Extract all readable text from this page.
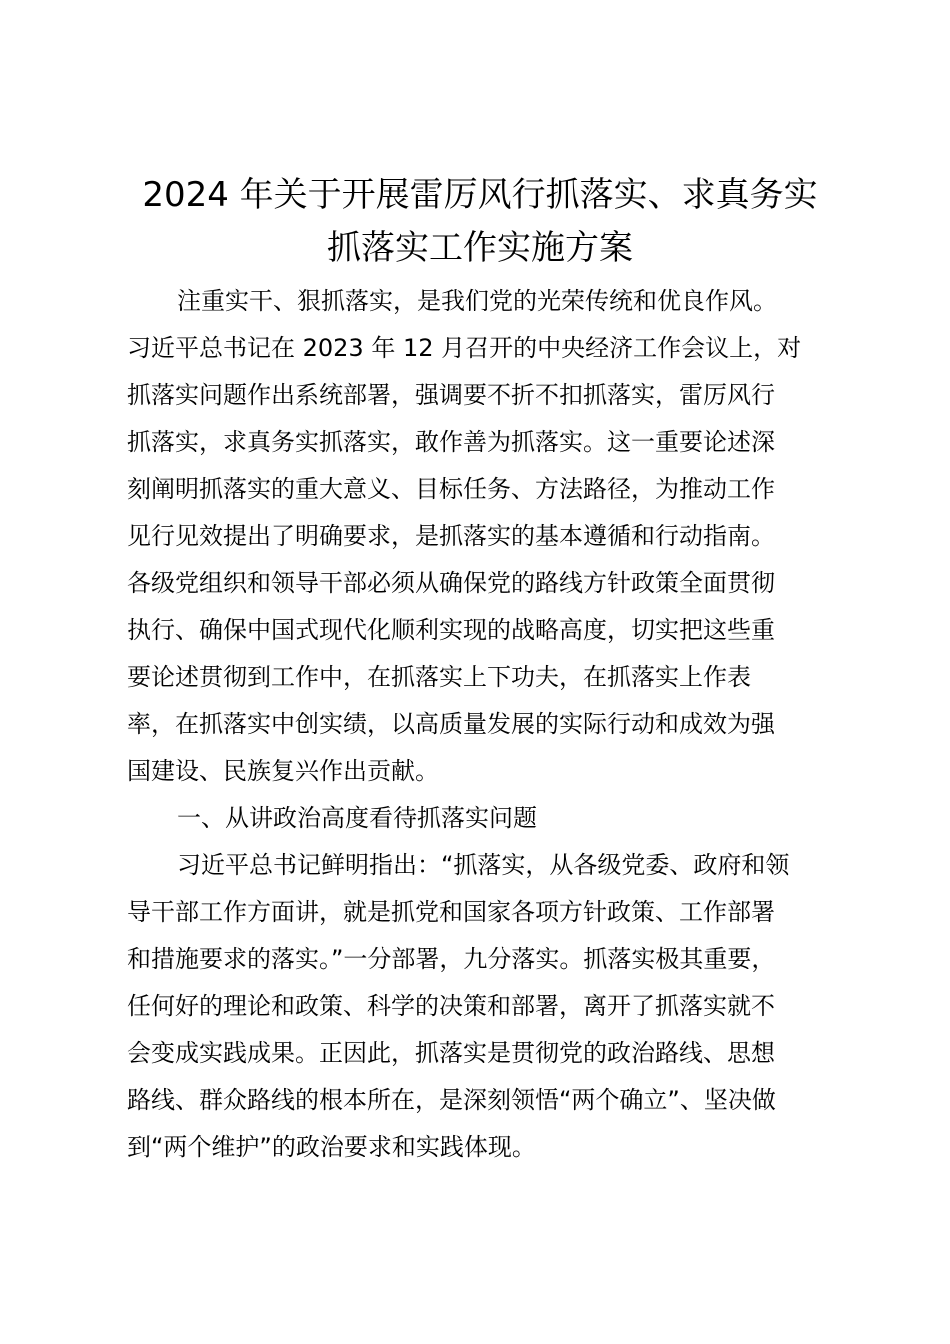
2024 年关于开展雷厉风行抓落实、求真务实
抓落实工作实施方案

注重实干、狠抓落实，是我们党的光荣传统和优良作风。

习近平总书记在 2023 年 12 月召开的中央经济工作会议上，对

抓落实问题作出系统部署，强调要不折不扣抓落实，雷厉风行

抓落实，求真务实抓落实，敢作善为抓落实。这一重要论述深

刻阐明抓落实的重大意义、目标任务、方法路径，为推动工作

见行见效提出了明确要求，是抓落实的基本遵循和行动指南。

各级党组织和领导干部必须从确保党的路线方针政策全面贯彻

执行、确保中国式现代化顺利实现的战略高度，切实把这些重

要论述贯彻到工作中，在抓落实上下功夫，在抓落实上作表

率，在抓落实中创实绩，以高质量发展的实际行动和成效为强

国建设、民族复兴作出贡献。

一、从讲政治高度看待抓落实问题

习近平总书记鲜明指出：“抓落实，从各级党委、政府和领

导干部工作方面讲，就是抓党和国家各项方针政策、工作部署

和措施要求的落实。”一分部署，九分落实。抓落实极其重要，

任何好的理论和政策、科学的决策和部署，离开了抓落实就不

会变成实践成果。正因此，抓落实是贯彻党的政治路线、思想

路线、群众路线的根本所在，是深刻领悟“两个确立”、坚决做

到“两个维护”的政治要求和实践体现。
